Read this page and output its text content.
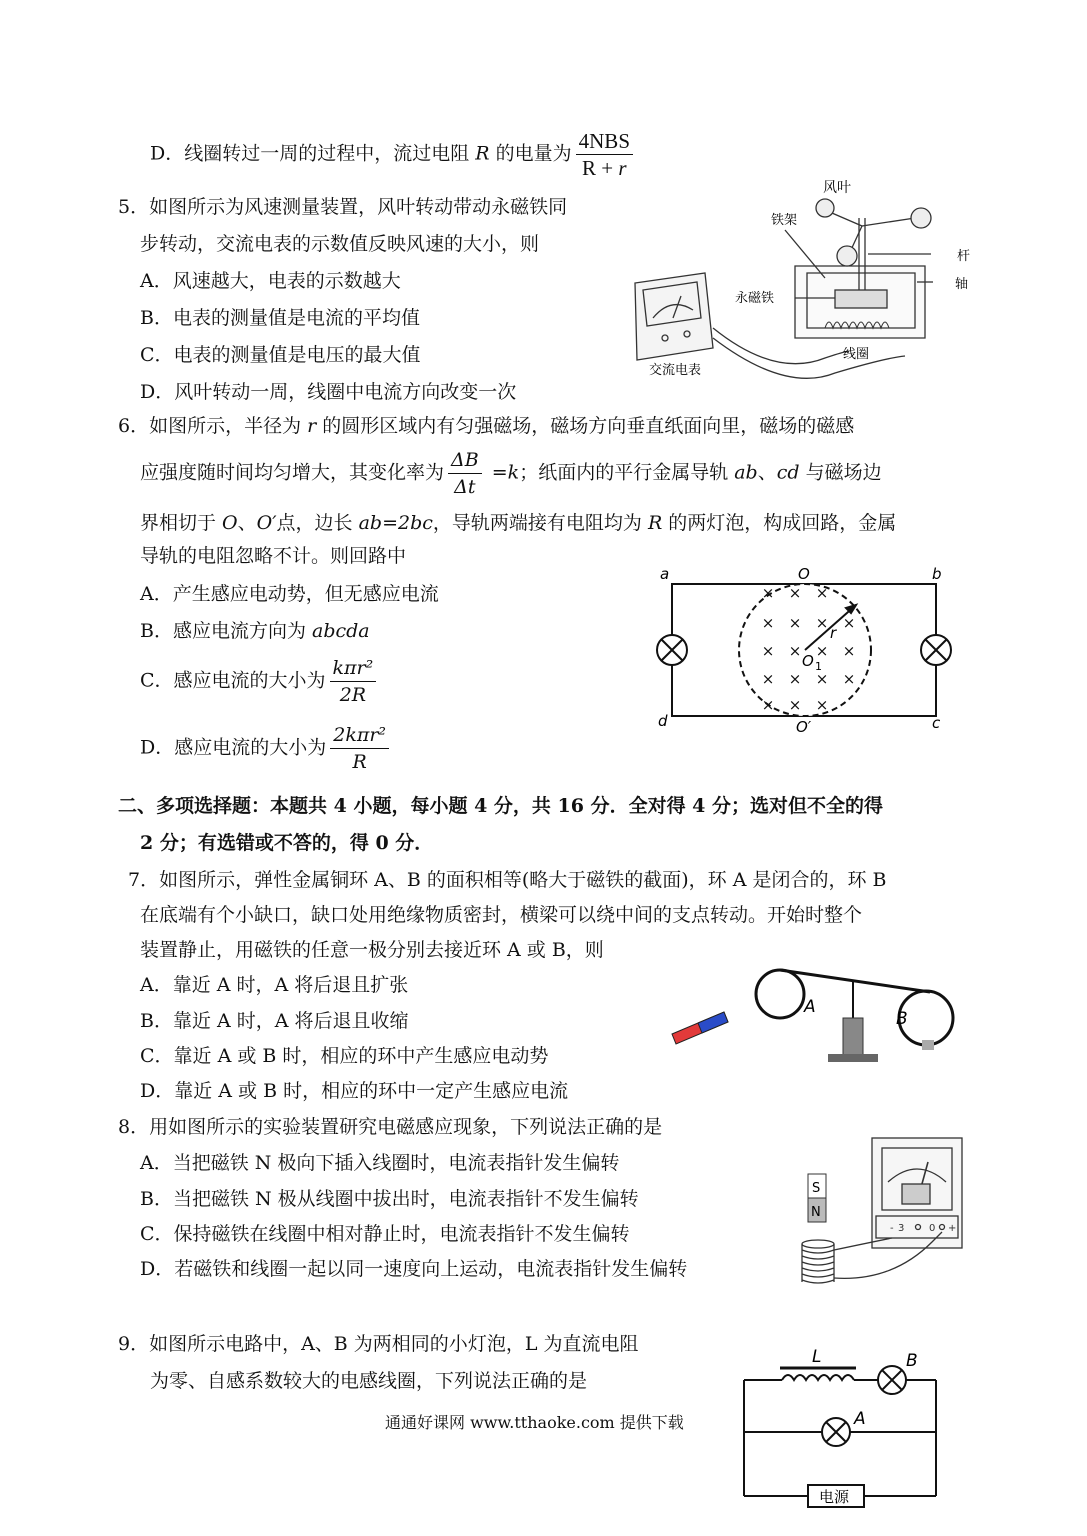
D．线圈转过一周的过程中，流过电阻 R 的电量为 $\frac{\text{4NBS}}{R + r}$
5．如图所示为风速测量装置，风叶转动带动永磁铁同
步转动，交流电表的示数值反映风速的大小，则
A．风速越大，电表的示数越大
B．电表的测量值是电流的平均值
C．电表的测量值是电压的最大值
D．风叶转动一周，线圈中电流方向改变一次
风叶
铁架
杆
轴
永磁铁
线圈
交流电表
6．如图所示，半径为 r 的圆形区域内有匀强磁场，磁场方向垂直纸面向里，磁场的磁感
应强度随时间均匀增大，其变化率为 $\frac{\Delta B}{\Delta t} =k$；纸面内的平行金属导轨 ab、cd 与磁场边
界相切于 O、O′点，边长 ab=2bc，导轨两端接有电阻均为 R 的两灯泡，构成回路，金属
导轨的电阻忽略不计。则回路中
A．产生感应电动势，但无感应电流
B．感应电流方向为 abcda
C．感应电流的大小为 $\frac{\text{kπr²}}{2R}$
D．感应电流的大小为 $\frac{\text{2kπr²}}{R}$
× × ×
× × × ×
× × × ×
× × × ×
× × ×
a	b
c
d
O
O′
O 1
r
二、多项选择题：本题共 4 小题，每小题 4 分，共 16 分．全对得 4 分；选对但不全的得
2 分；有选错或不答的，得 0 分．
7．如图所示，弹性金属铜环 A、B 的面积相等(略大于磁铁的截面)，环 A 是闭合的，环 B
在底端有个小缺口，缺口处用绝缘物质密封，横梁可以绕中间的支点转动。开始时整个
装置静止，用磁铁的任意一极分别去接近环 A 或 B，则
A．靠近 A 时，A 将后退且扩张
B．靠近 A 时，A 将后退且收缩
C．靠近 A 或 B 时，相应的环中产生感应电动势
D．靠近 A 或 B 时，相应的环中一定产生感应电流
A
B
8．用如图所示的实验装置研究电磁感应现象，下列说法正确的是
A．当把磁铁 N 极向下插入线圈时，电流表指针发生偏转
B．当把磁铁 N 极从线圈中拔出时，电流表指针不发生偏转
C．保持磁铁在线圈中相对静止时，电流表指针不发生偏转
D．若磁铁和线圈一起以同一速度向上运动，电流表指针发生偏转
S
N
- 3 0 +
9．如图所示电路中，A、B 为两相同的小灯泡，L 为直流电阻
为零、自感系数较大的电感线圈，下列说法正确的是
L	B
A
电源
通通好课网 www.tthaoke.com 提供下载
